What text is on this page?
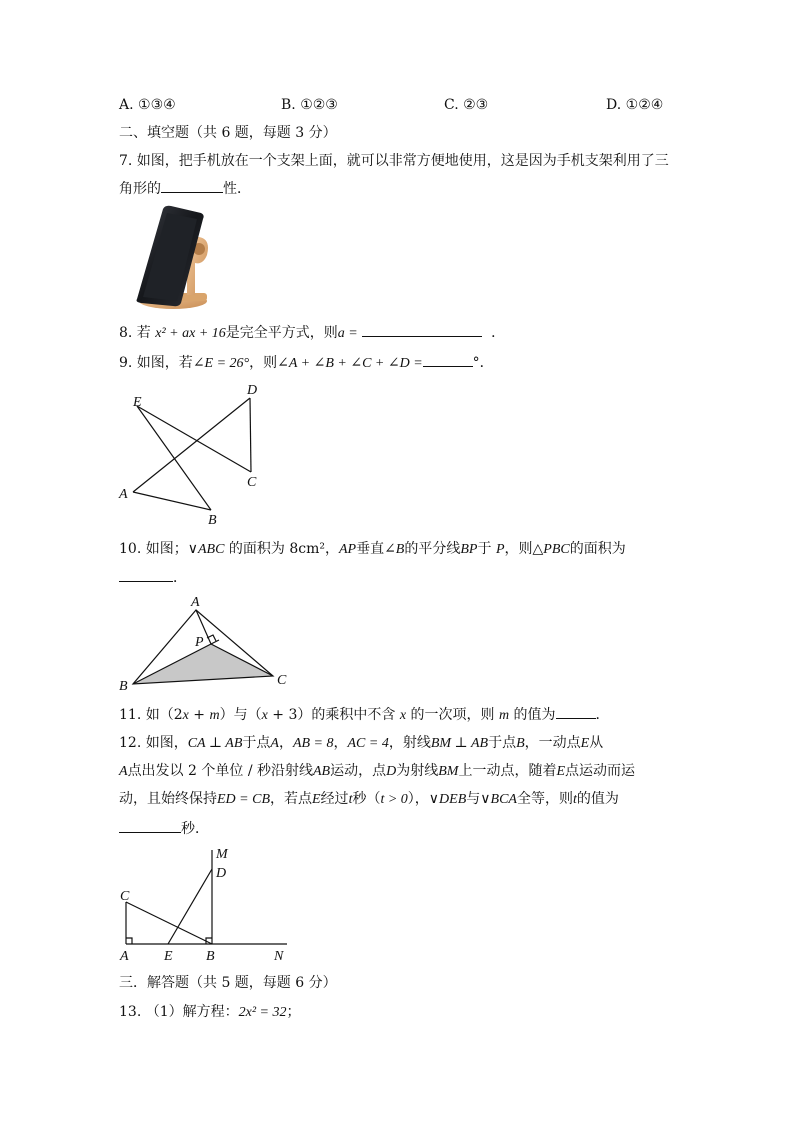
A. ①③④	B. ①②③	C. ②③	D. ①②④
二、填空题（共 6 题，每题 3 分）
7. 如图，把手机放在一个支架上面，就可以非常方便地使用，这是因为手机支架利用了三
角形的	性．
8. 若 x² + ax + 16是完全平方式，则a =	．
9. 如图，若∠E = 26°，则∠A + ∠B + ∠C + ∠D =	°．
E
D
A
C
B
10. 如图；∨ABC 的面积为 8cm²，AP垂直∠B的平分线BP于 P，则△PBC的面积为
．
A
P
B	C
11. 如（2x + m）与（x + 3）的乘积中不含 x 的一次项，则 m 的值为	．
12. 如图，CA ⊥ AB于点A，AB = 8，AC = 4，射线BM ⊥ AB于点B，一动点E从
A点出发以 2 个单位 / 秒沿射线AB运动，点D为射线BM上一动点，随着E点运动而运
动，且始终保持ED = CB，若点E经过t秒（t > 0），∨DEB与∨BCA全等，则t的值为
秒．
M
D
C
A	E B	N
三．解答题（共 5 题，每题 6 分）
13. （1）解方程：2x² = 32；
